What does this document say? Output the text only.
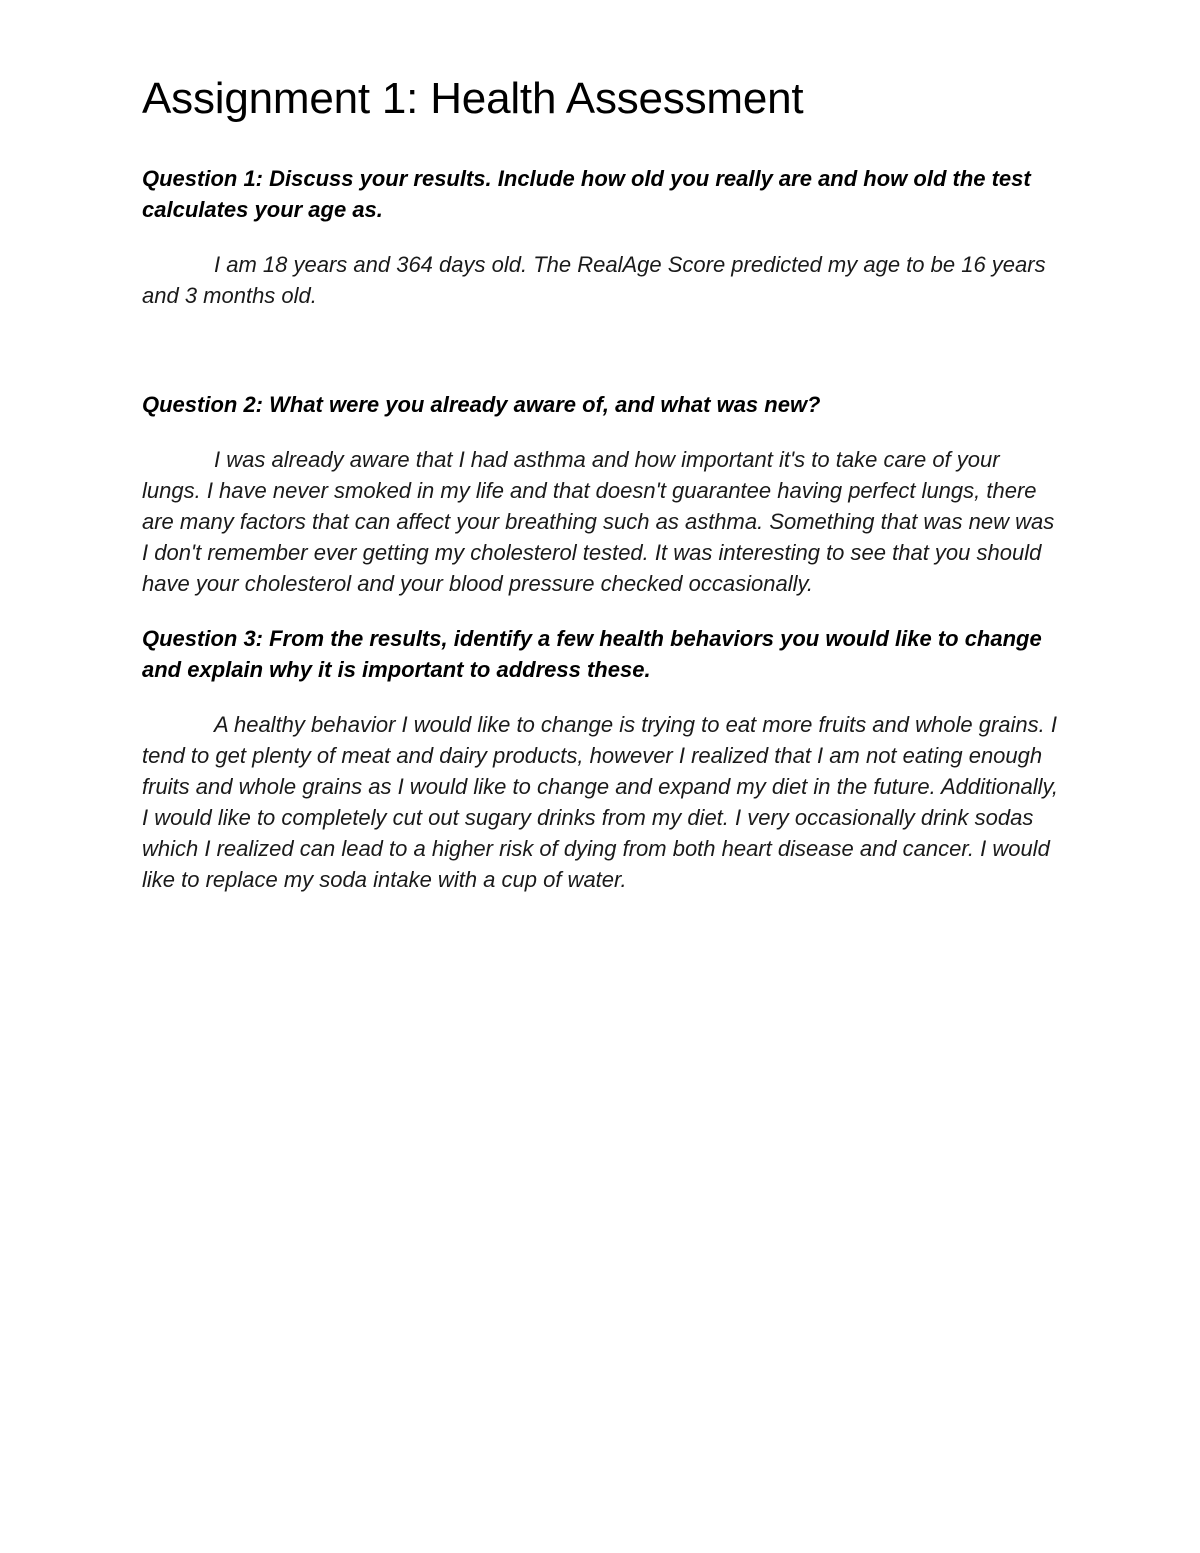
Assignment 1: Health Assessment

Question 1: Discuss your results. Include how old you really are and how old the test calculates your age as.

I am 18 years and 364 days old. The RealAge Score predicted my age to be 16 years and 3 months old.

Question 2: What were you already aware of, and what was new?

I was already aware that I had asthma and how important it's to take care of your lungs. I have never smoked in my life and that doesn't guarantee having perfect lungs, there are many factors that can affect your breathing such as asthma. Something that was new was I don't remember ever getting my cholesterol tested. It was interesting to see that you should have your cholesterol and your blood pressure checked occasionally.

Question 3: From the results, identify a few health behaviors you would like to change and explain why it is important to address these.

A healthy behavior I would like to change is trying to eat more fruits and whole grains. I tend to get plenty of meat and dairy products, however I realized that I am not eating enough fruits and whole grains as I would like to change and expand my diet in the future. Additionally, I would like to completely cut out sugary drinks from my diet. I very occasionally drink sodas which I realized can lead to a higher risk of dying from both heart disease and cancer. I would like to replace my soda intake with a cup of water.
